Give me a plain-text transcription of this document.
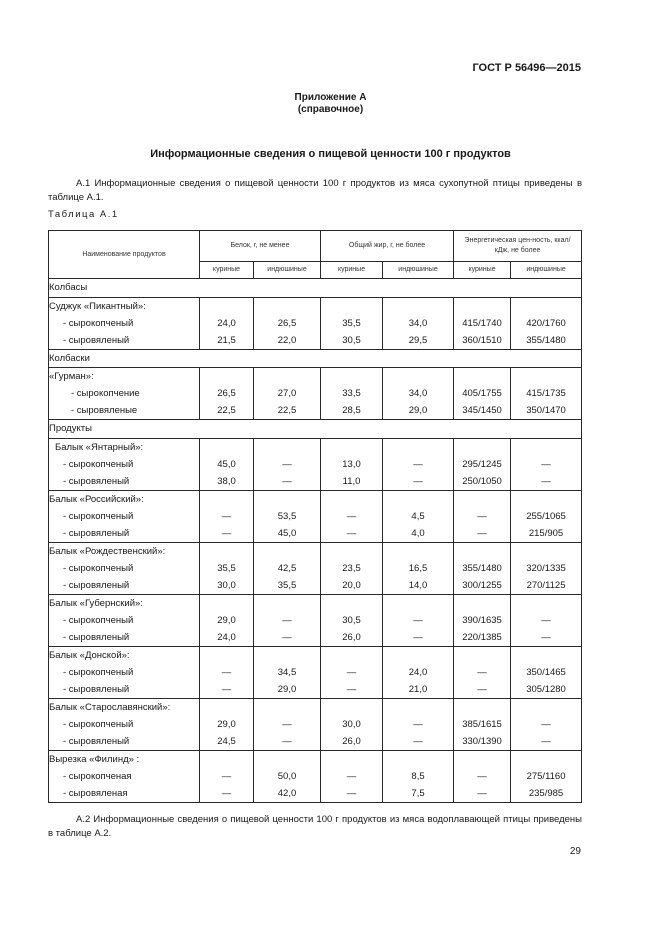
ГОСТ Р 56496—2015
Приложение А
(справочное)
Информационные сведения о пищевой ценности 100 г продуктов
А.1 Информационные сведения о пищевой ценности 100 г продуктов из мяса сухопутной птицы приведены в таблице А.1.
Таблица А.1
Наименование продуктов	Белок, г, не менее		Общий жир, г, не более		Энергетическая цен-ность, ккал/кДж, не более	
	куриные	индюшиные	куриные	индюшиные	куриные	индюшиные
Колбасы						
Суджук «Пикантный»:						
- сырокопченый	24,0	26,5	35,5	34,0	415/1740	420/1760
- сыровяленый	21,5	22,0	30,5	29,5	360/1510	355/1480
Колбаски						
«Гурман»:						
- сырокопчение	26,5	27,0	33,5	34,0	405/1755	415/1735
- сыровяленые	22,5	22,5	28,5	29,0	345/1450	350/1470
Продукты						
Балык «Янтарный»:						
- сырокопченый	45,0	—	13,0	—	295/1245	—
- сыровяленый	38,0	—	11,0	—	250/1050	—
Балык «Российский»:						
- сырокопченый	—	53,5	—	4,5	—	255/1065
- сыровяленый	—	45,0	—	4,0	—	215/905
Балык «Рождественский»:						
- сырокопченый	35,5	42,5	23,5	16,5	355/1480	320/1335
- сыровяленый	30,0	35,5	20,0	14,0	300/1255	270/1125
Балык «Губернский»:						
- сырокопченый	29,0	—	30,5	—	390/1635	—
- сыровяленый	24,0	—	26,0	—	220/1385	—
Балык «Донской»:						
- сырокопченый	—	34,5	—	24,0	—	350/1465
- сыровяленый	—	29,0	—	21,0	—	305/1280
Балык «Старославянский»:						
- сырокопченый	29,0	—	30,0	—	385/1615	—
- сыровяленый	24,5	—	26,0	—	330/1390	—
Вырезка «Филинд» :						
- сырокопченая	—	50,0	—	8,5	—	275/1160
- сыровяленая	—	42,0	—	7,5	—	235/985
А.2 Информационные сведения о пищевой ценности 100 г продуктов из мяса водоплавающей птицы приведены в таблице А.2.
29
